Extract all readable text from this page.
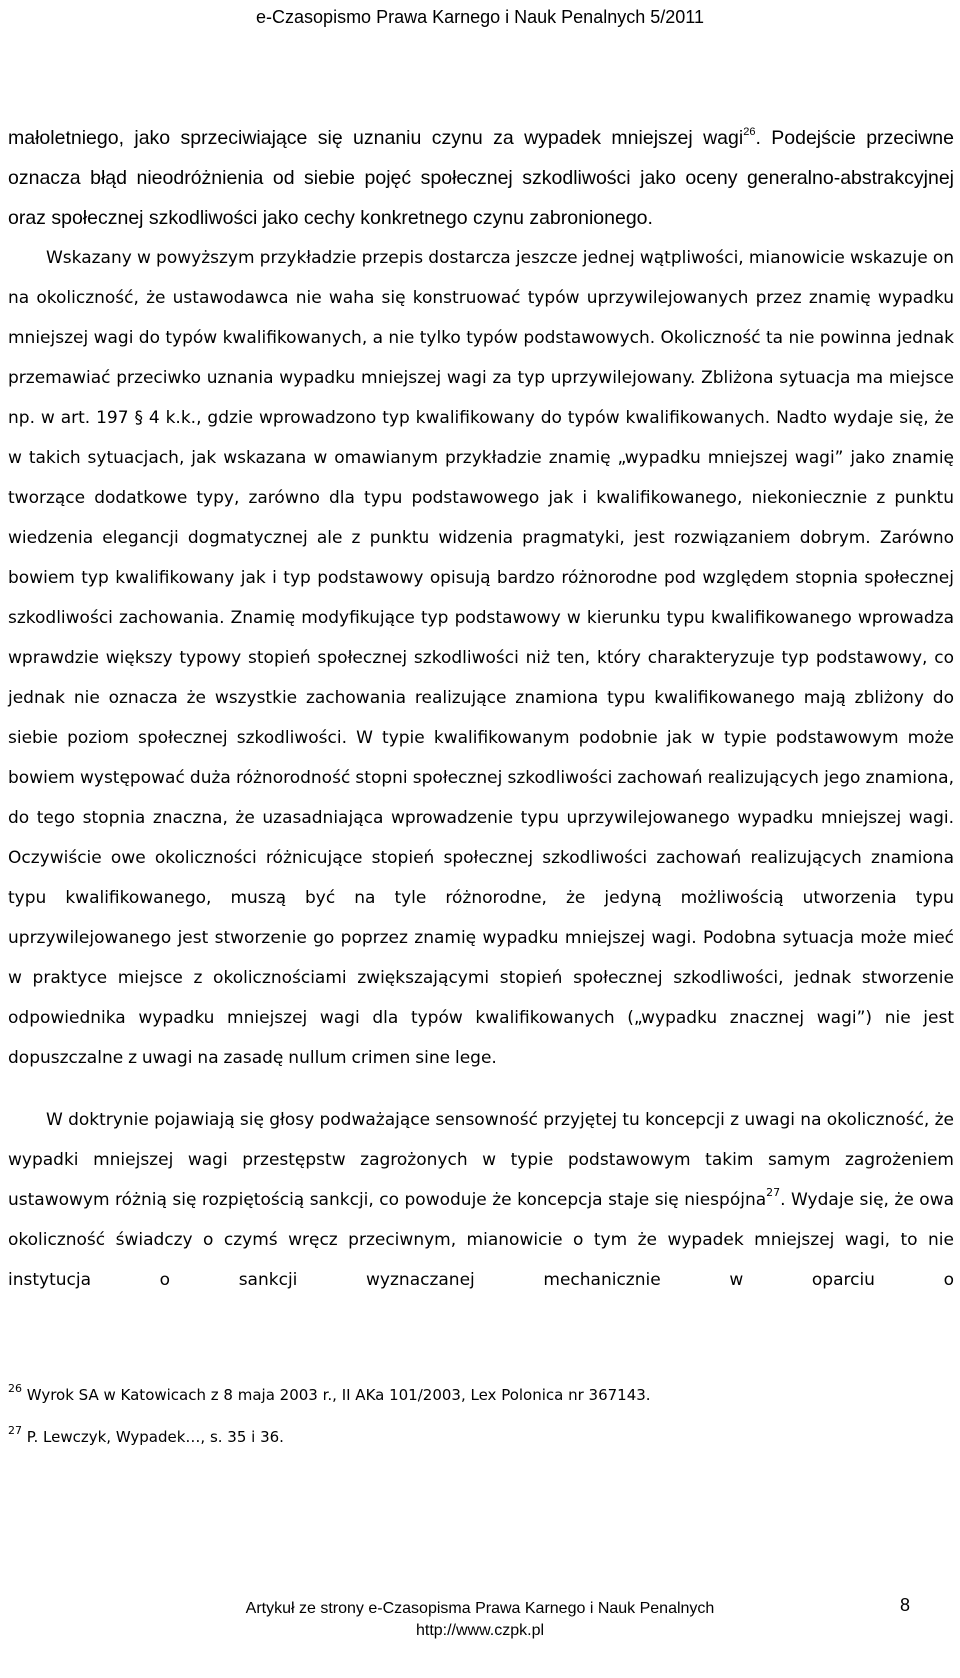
e-Czasopismo Prawa Karnego i Nauk Penalnych 5/2011

małoletniego, jako sprzeciwiające się uznaniu czynu za wypadek mniejszej wagi$^{26}$. Podejście przeciwne oznacza błąd nieodróżnienia od siebie pojęć społecznej szkodliwości jako oceny generalno-abstrakcyjnej oraz społecznej szkodliwości jako cechy konkretnego czynu zabronionego.

Wskazany w powyższym przykładzie przepis dostarcza jeszcze jednej wątpliwości, mianowicie wskazuje on na okoliczność, że ustawodawca nie waha się konstruować typów uprzywilejowanych przez znamię wypadku mniejszej wagi do typów kwalifikowanych, a nie tylko typów podstawowych. Okoliczność ta nie powinna jednak przemawiać przeciwko uznania wypadku mniejszej wagi za typ uprzywilejowany. Zbliżona sytuacja ma miejsce np. w art. 197 § 4 k.k., gdzie wprowadzono typ kwalifikowany do typów kwalifikowanych. Nadto wydaje się, że w takich sytuacjach, jak wskazana w omawianym przykładzie znamię „wypadku mniejszej wagi” jako znamię tworzące dodatkowe typy, zarówno dla typu podstawowego jak i kwalifikowanego, niekoniecznie z punktu wiedzenia elegancji dogmatycznej ale z punktu widzenia pragmatyki, jest rozwiązaniem dobrym. Zarówno bowiem typ kwalifikowany jak i typ podstawowy opisują bardzo różnorodne pod względem stopnia społecznej szkodliwości zachowania. Znamię modyfikujące typ podstawowy w kierunku typu kwalifikowanego wprowadza wprawdzie większy typowy stopień społecznej szkodliwości niż ten, który charakteryzuje typ podstawowy, co jednak nie oznacza że wszystkie zachowania realizujące znamiona typu kwalifikowanego mają zbliżony do siebie poziom społecznej szkodliwości. W typie kwalifikowanym podobnie jak w typie podstawowym może bowiem występować duża różnorodność stopni społecznej szkodliwości zachowań realizujących jego znamiona, do tego stopnia znaczna, że uzasadniająca wprowadzenie typu uprzywilejowanego wypadku mniejszej wagi. Oczywiście owe okoliczności różnicujące stopień społecznej szkodliwości zachowań realizujących znamiona typu kwalifikowanego, muszą być na tyle różnorodne, że jedyną możliwością utworzenia typu uprzywilejowanego jest stworzenie go poprzez znamię wypadku mniejszej wagi. Podobna sytuacja może mieć w praktyce miejsce z okolicznościami zwiększającymi stopień społecznej szkodliwości, jednak stworzenie odpowiednika wypadku mniejszej wagi dla typów kwalifikowanych („wypadku znacznej wagi”) nie jest dopuszczalne z uwagi na zasadę nullum crimen sine lege.

W doktrynie pojawiają się głosy podważające sensowność przyjętej tu koncepcji z uwagi na okoliczność, że wypadki mniejszej wagi przestępstw zagrożonych w typie podstawowym takim samym zagrożeniem ustawowym różnią się rozpiętością sankcji, co powoduje że koncepcja staje się niespójna$^{27}$. Wydaje się, że owa okoliczność świadczy o czymś wręcz przeciwnym, mianowicie o tym że wypadek mniejszej wagi, to nie instytucja o sankcji wyznaczanej mechanicznie w oparciu o

$^{26}$ Wyrok SA w Katowicach z 8 maja 2003 r., II AKa 101/2003, Lex Polonica nr 367143.

$^{27}$ P. Lewczyk, Wypadek…, s. 35 i 36.

Artykuł ze strony e-Czasopisma Prawa Karnego i Nauk Penalnych
http://www.czpk.pl
8
